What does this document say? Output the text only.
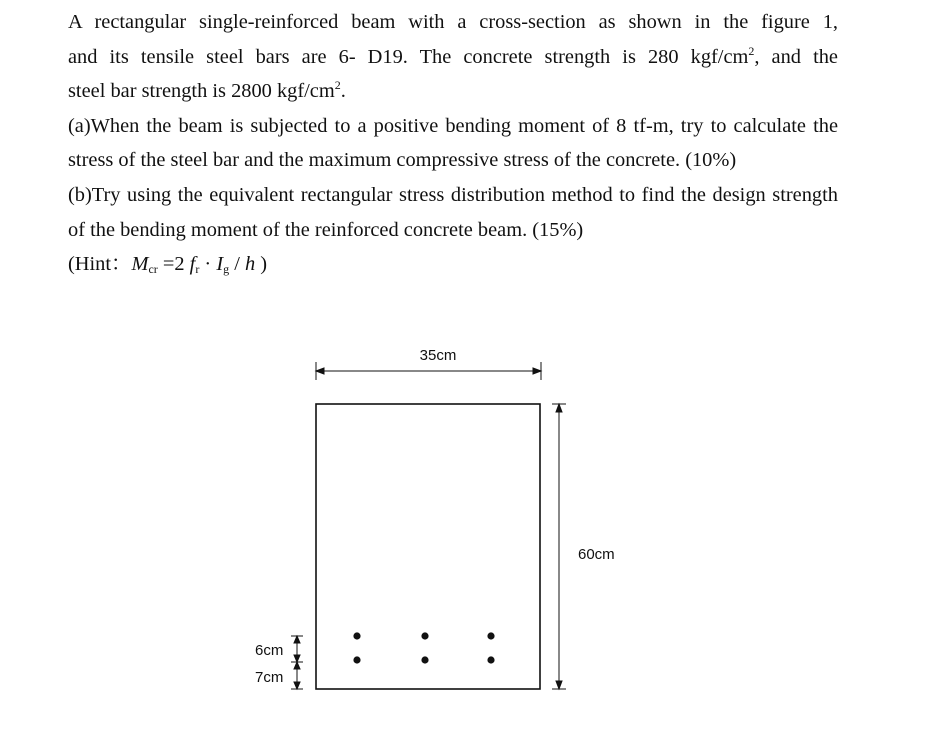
A rectangular single-reinforced beam with a cross-section as shown in the figure 1,

and its tensile steel bars are 6- D19. The concrete strength is 280 kgf/$cm^2$, and the

steel bar strength is 2800 kgf/$cm^2$.

(a)When the beam is subjected to a positive bending moment of 8 tf-m, try to calculate the stress of the steel bar and the maximum compressive stress of the concrete. (10%)

(b)Try using the equivalent rectangular stress distribution method to find the design strength of the bending moment of the reinforced concrete beam. (15%)

(Hint：$M_{cr} =2$ $f_r \cdot I_g / h$ )

35cm
60cm
6cm
7cm
